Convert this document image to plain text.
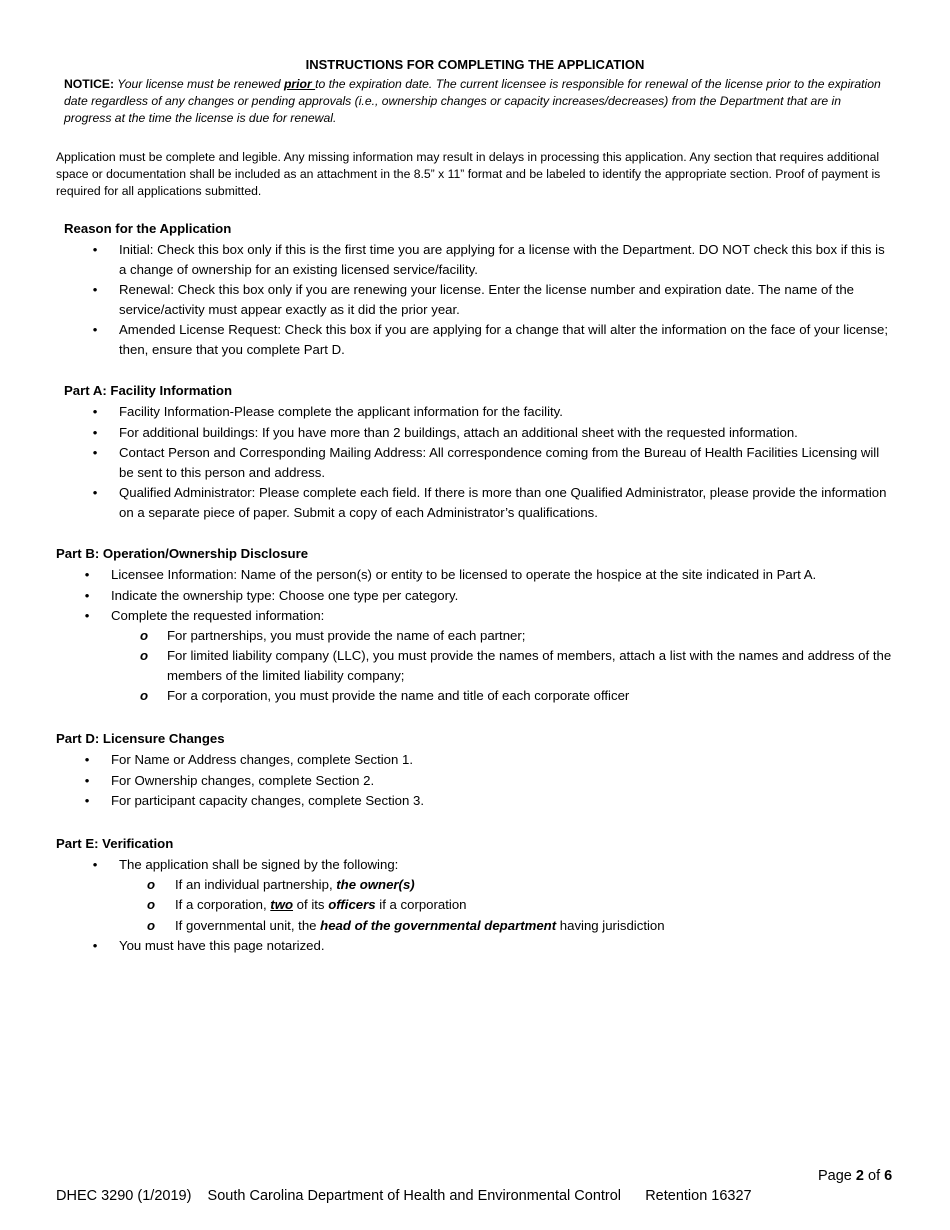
INSTRUCTIONS FOR COMPLETING THE APPLICATION
NOTICE: Your license must be renewed prior to the expiration date. The current licensee is responsible for renewal of the license prior to the expiration date regardless of any changes or pending approvals (i.e., ownership changes or capacity increases/decreases) from the Department that are in progress at the time the license is due for renewal.
Application must be complete and legible. Any missing information may result in delays in processing this application. Any section that requires additional space or documentation shall be included as an attachment in the 8.5” x 11” format and be labeled to identify the appropriate section. Proof of payment is required for all applications submitted.
Reason for the Application
• Initial: Check this box only if this is the first time you are applying for a license with the Department. DO NOT check this box if this is a change of ownership for an existing licensed service/facility.
• Renewal: Check this box only if you are renewing your license. Enter the license number and expiration date. The name of the service/activity must appear exactly as it did the prior year.
• Amended License Request: Check this box if you are applying for a change that will alter the information on the face of your license; then, ensure that you complete Part D.
Part A: Facility Information
• Facility Information-Please complete the applicant information for the facility.
• For additional buildings: If you have more than 2 buildings, attach an additional sheet with the requested information.
• Contact Person and Corresponding Mailing Address: All correspondence coming from the Bureau of Health Facilities Licensing will be sent to this person and address.
• Qualified Administrator: Please complete each field. If there is more than one Qualified Administrator, please provide the information on a separate piece of paper. Submit a copy of each Administrator’s qualifications.
Part B: Operation/Ownership Disclosure
• Licensee Information: Name of the person(s) or entity to be licensed to operate the hospice at the site indicated in Part A.
• Indicate the ownership type: Choose one type per category.
• Complete the requested information:
o	For partnerships, you must provide the name of each partner;
o	For limited liability company (LLC), you must provide the names of members, attach a list with the names and address of the members of the limited liability company;
o	For a corporation, you must provide the name and title of each corporate officer
Part D: Licensure Changes
• For Name or Address changes, complete Section 1.
• For Ownership changes, complete Section 2.
• For participant capacity changes, complete Section 3.
Part E: Verification
• The application shall be signed by the following:
o If an individual partnership, the owner(s)
o If a corporation, two of its officers if a corporation
o If governmental unit, the head of the governmental department having jurisdiction
• You must have this page notarized.
Page 2 of 6
DHEC 3290 (1/2019) South Carolina Department of Health and Environmental Control Retention 16327
